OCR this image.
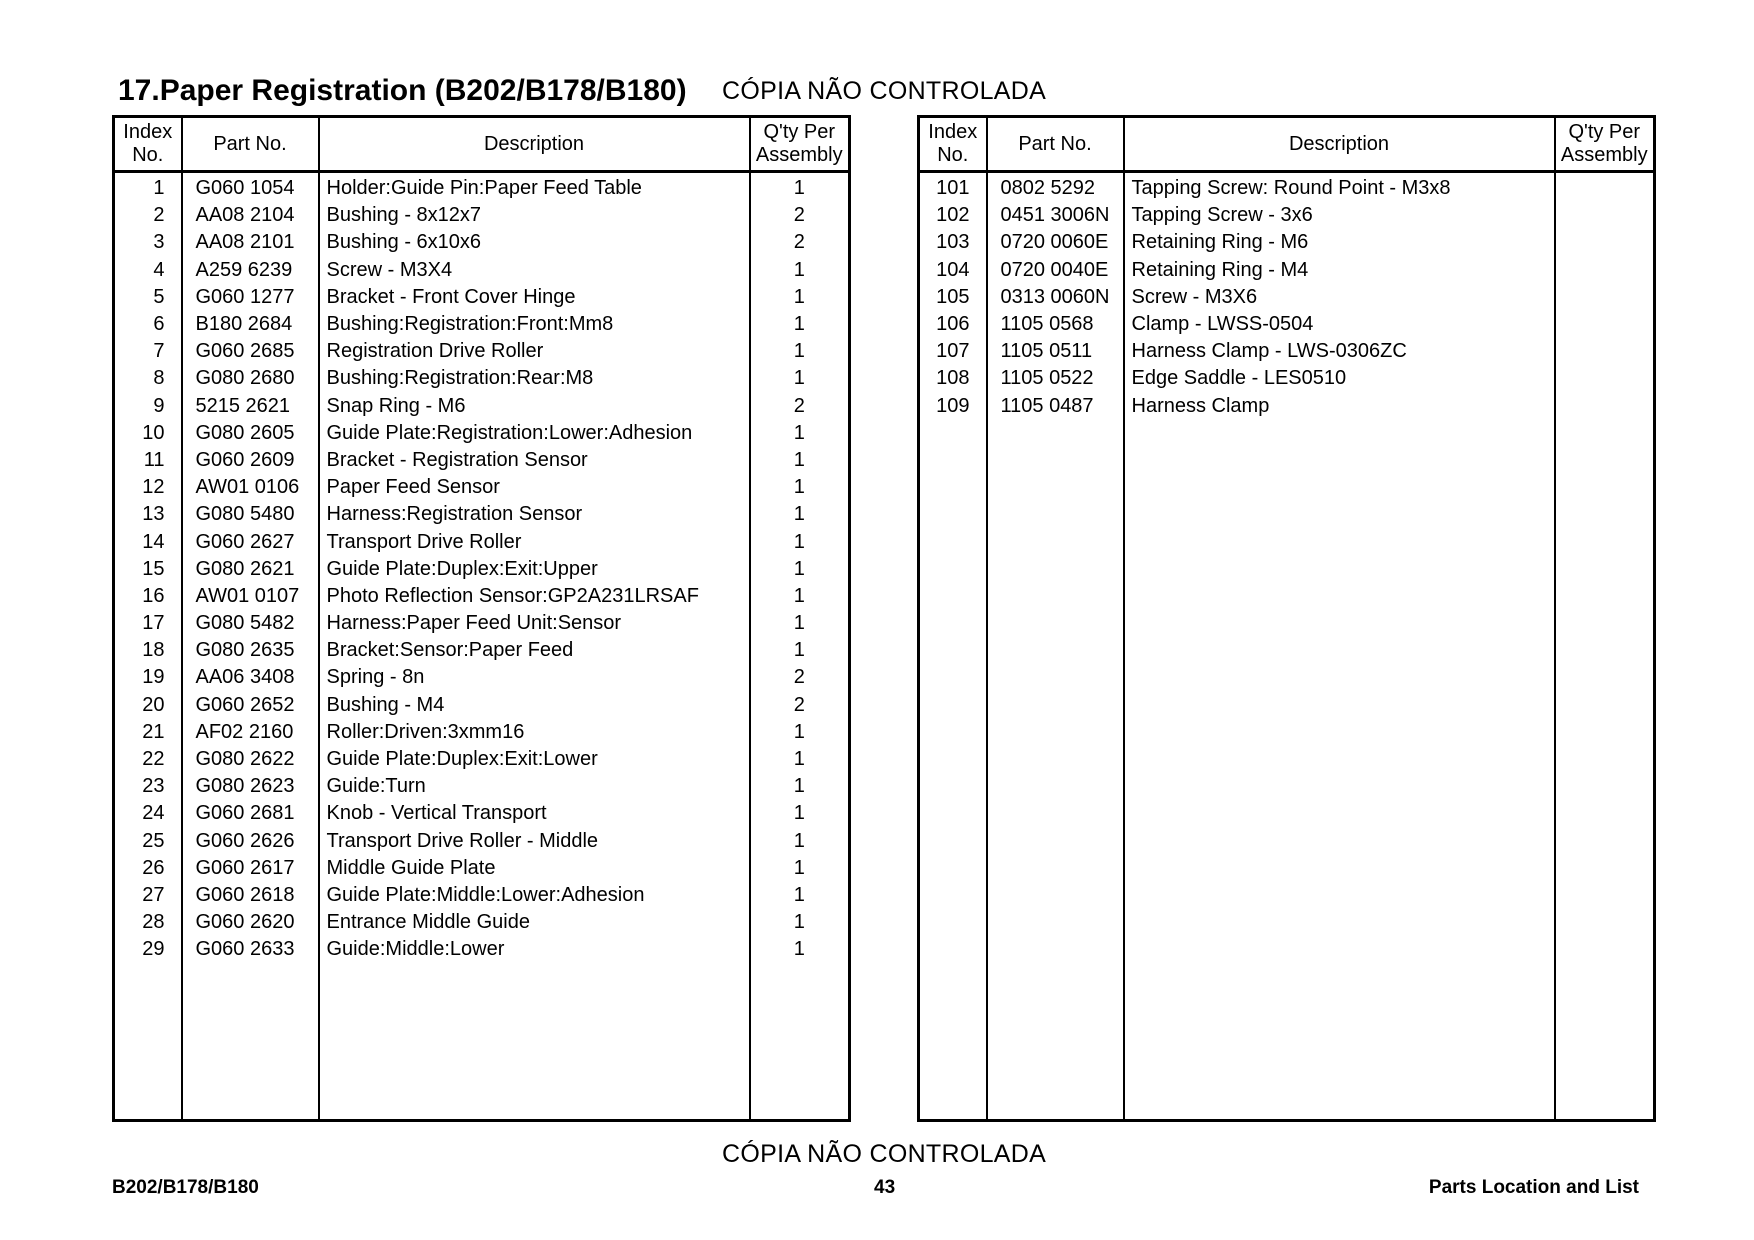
17.Paper Registration (B202/B178/B180) CÓPIA NÃO CONTROLADA
Index No.	Part No.	Description	Q'ty Per Assembly
1	G060 1054	Holder:Guide Pin:Paper Feed Table	1
2	AA08 2104	Bushing - 8x12x7	2
3	AA08 2101	Bushing - 6x10x6	2
4	A259 6239	Screw - M3X4	1
5	G060 1277	Bracket - Front Cover Hinge	1
6	B180 2684	Bushing:Registration:Front:Mm8	1
7	G060 2685	Registration Drive Roller	1
8	G080 2680	Bushing:Registration:Rear:M8	1
9	5215 2621	Snap Ring - M6	2
10	G080 2605	Guide Plate:Registration:Lower:Adhesion	1
11	G060 2609	Bracket - Registration Sensor	1
12	AW01 0106	Paper Feed Sensor	1
13	G080 5480	Harness:Registration Sensor	1
14	G060 2627	Transport Drive Roller	1
15	G080 2621	Guide Plate:Duplex:Exit:Upper	1
16	AW01 0107	Photo Reflection Sensor:GP2A231LRSAF	1
17	G080 5482	Harness:Paper Feed Unit:Sensor	1
18	G080 2635	Bracket:Sensor:Paper Feed	1
19	AA06 3408	Spring - 8n	2
20	G060 2652	Bushing - M4	2
21	AF02 2160	Roller:Driven:3xmm16	1
22	G080 2622	Guide Plate:Duplex:Exit:Lower	1
23	G080 2623	Guide:Turn	1
24	G060 2681	Knob - Vertical Transport	1
25	G060 2626	Transport Drive Roller - Middle	1
26	G060 2617	Middle Guide Plate	1
27	G060 2618	Guide Plate:Middle:Lower:Adhesion	1
28	G060 2620	Entrance Middle Guide	1
29	G060 2633	Guide:Middle:Lower	1

Index No.	Part No.	Description	Q'ty Per Assembly
101	0802 5292	Tapping Screw: Round Point - M3x8	
102	0451 3006N	Tapping Screw - 3x6	
103	0720 0060E	Retaining Ring - M6	
104	0720 0040E	Retaining Ring - M4	
105	0313 0060N	Screw - M3X6	
106	1105 0568	Clamp - LWSS-0504	
107	1105 0511	Harness Clamp - LWS-0306ZC	
108	1105 0522	Edge Saddle - LES0510	
109	1105 0487	Harness Clamp	

CÓPIA NÃO CONTROLADA
B202/B178/B180	43	Parts Location and List
